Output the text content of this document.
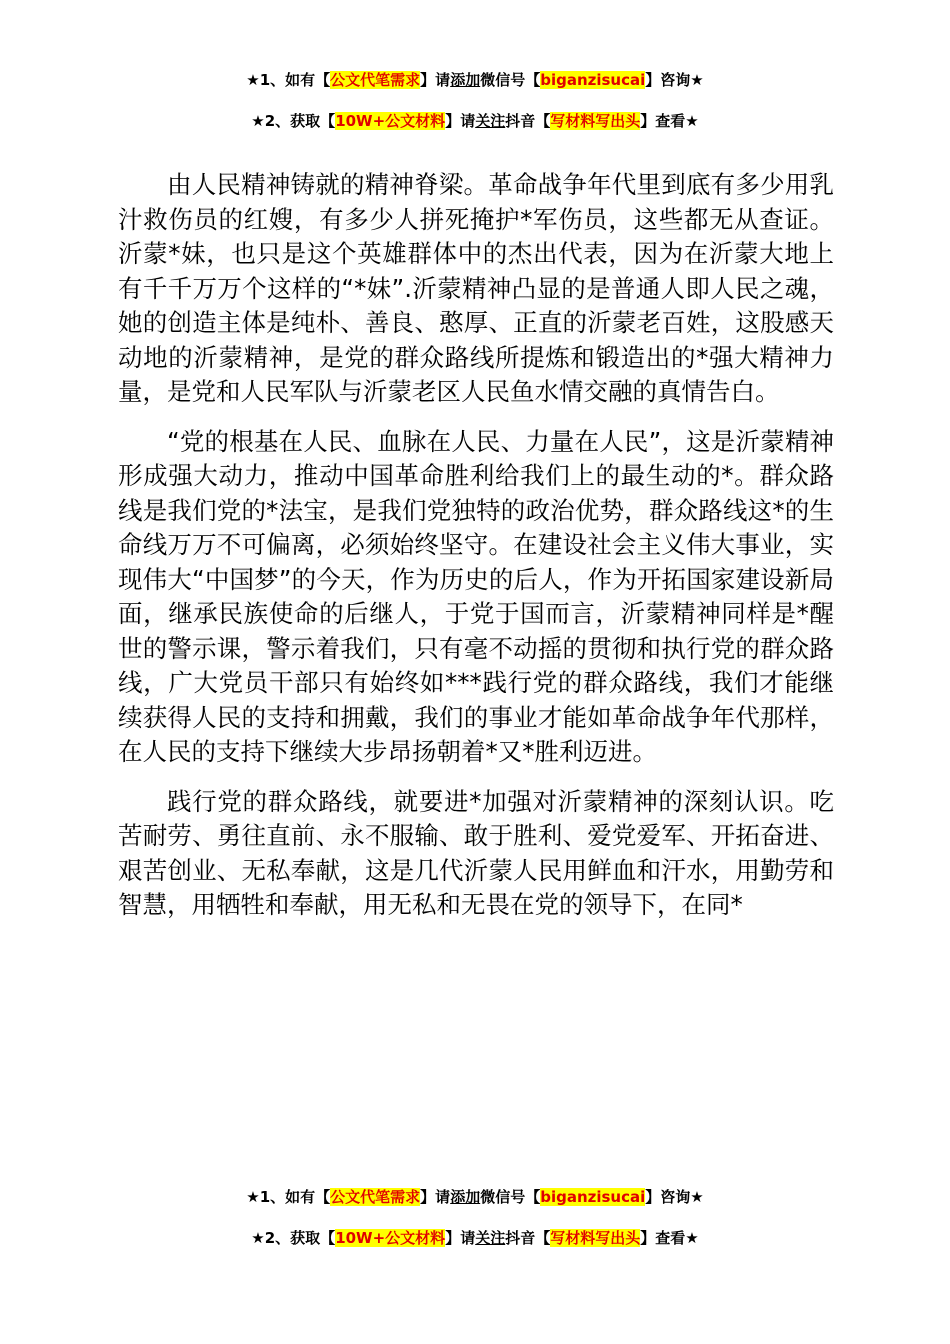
★1、如有【公文代笔需求】请添加微信号【biganzisucai】咨询★
★2、获取【10W+公文材料】请关注抖音【写材料写出头】查看★

由人民精神铸就的精神脊梁。革命战争年代里到底有多少用乳汁救伤员的红嫂，有多少人拼死掩护*军伤员，这些都无从查证。沂蒙*妹，也只是这个英雄群体中的杰出代表，因为在沂蒙大地上有千千万万个这样的“*妹”.沂蒙精神凸显的是普通人即人民之魂，她的创造主体是纯朴、善良、憨厚、正直的沂蒙老百姓，这股感天动地的沂蒙精神，是党的群众路线所提炼和锻造出的*强大精神力量，是党和人民军队与沂蒙老区人民鱼水情交融的真情告白。

“党的根基在人民、血脉在人民、力量在人民”，这是沂蒙精神形成强大动力，推动中国革命胜利给我们上的最生动的*。群众路线是我们党的*法宝，是我们党独特的政治优势，群众路线这*的生命线万万不可偏离，必须始终坚守。在建设社会主义伟大事业，实现伟大“中国梦”的今天，作为历史的后人，作为开拓国家建设新局面，继承民族使命的后继人，于党于国而言，沂蒙精神同样是*醒世的警示课，警示着我们，只有毫不动摇的贯彻和执行党的群众路线，广大党员干部只有始终如***践行党的群众路线，我们才能继续获得人民的支持和拥戴，我们的事业才能如革命战争年代那样，在人民的支持下继续大步昂扬朝着*又*胜利迈进。

践行党的群众路线，就要进*加强对沂蒙精神的深刻认识。吃苦耐劳、勇往直前、永不服输、敢于胜利、爱党爱军、开拓奋进、艰苦创业、无私奉献，这是几代沂蒙人民用鲜血和汗水，用勤劳和智慧，用牺牲和奉献，用无私和无畏在党的领导下，在同*

★1、如有【公文代笔需求】请添加微信号【biganzisucai】咨询★
★2、获取【10W+公文材料】请关注抖音【写材料写出头】查看★
